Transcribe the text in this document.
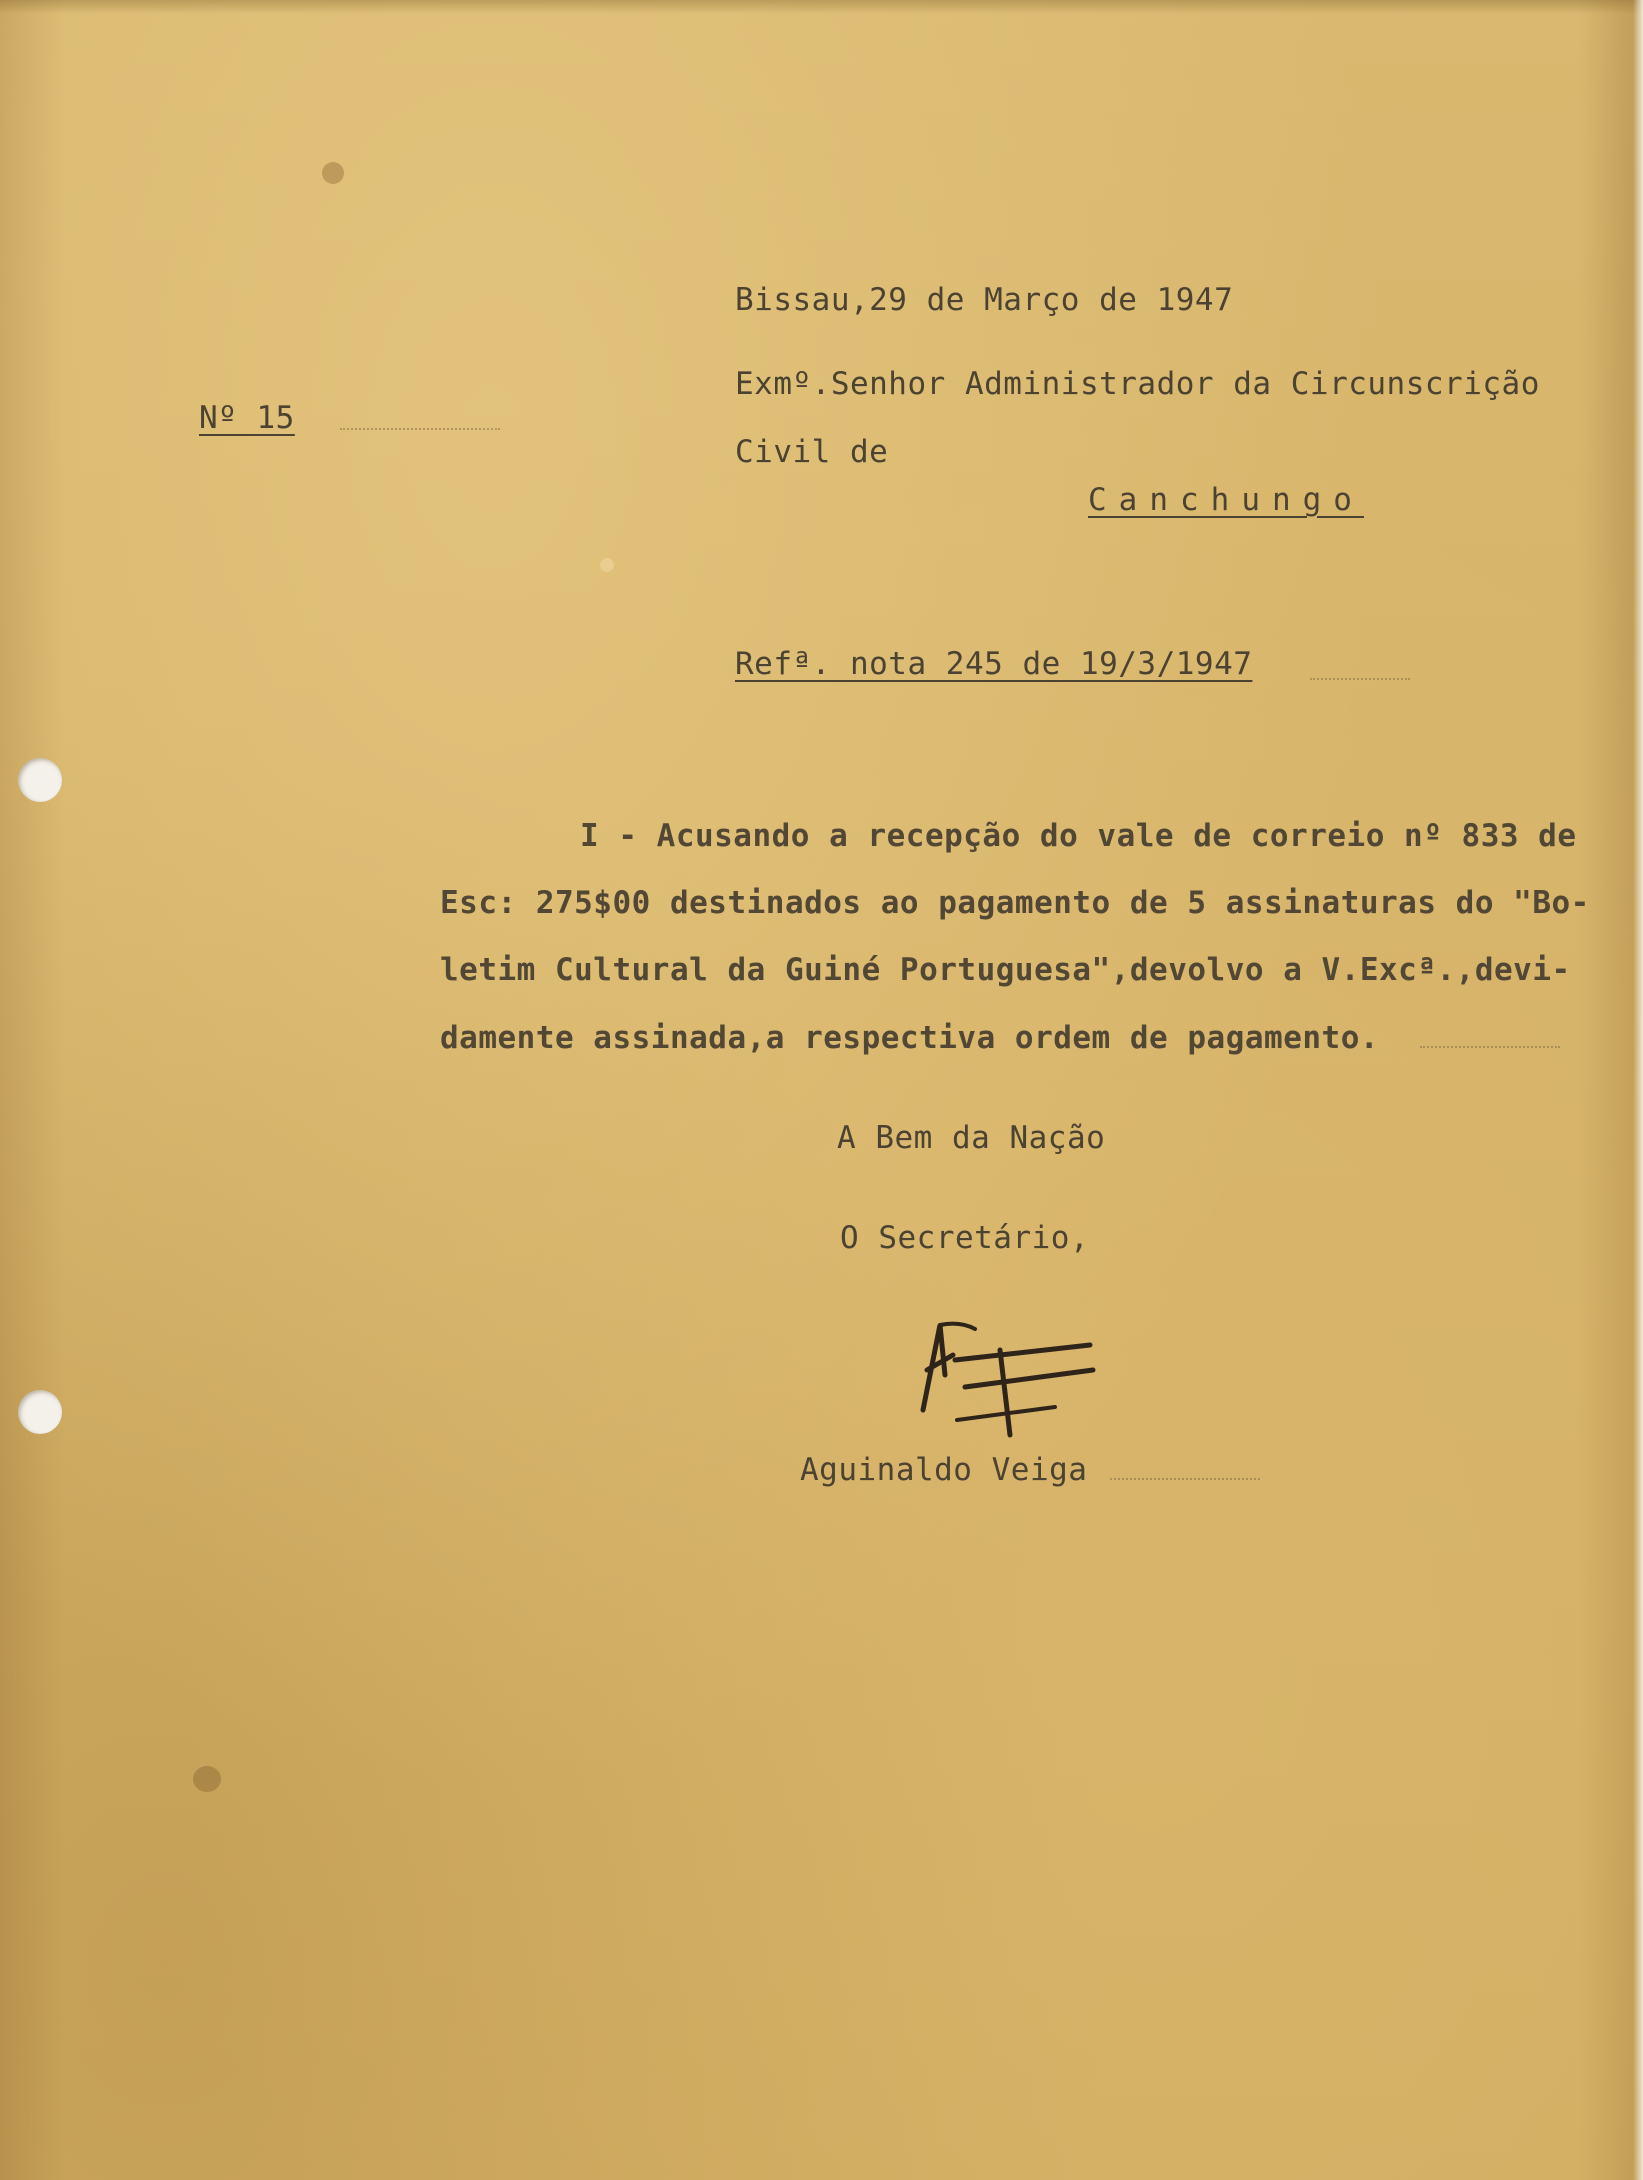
Bissau,29 de Março de 1947
Nº 15
Exmº.Senhor Administrador da Circunscrição
Civil de
Canchungo
Refª. nota 245 de 19/3/1947
I - Acusando a recepção do vale de correio nº 833 de
Esc: 275$00 destinados ao pagamento de 5 assinaturas do "Bo-
letim Cultural da Guiné Portuguesa",devolvo a V.Excª.,devi-
damente assinada,a respectiva ordem de pagamento.
A Bem da Nação
O Secretário,
Aguinaldo Veiga
